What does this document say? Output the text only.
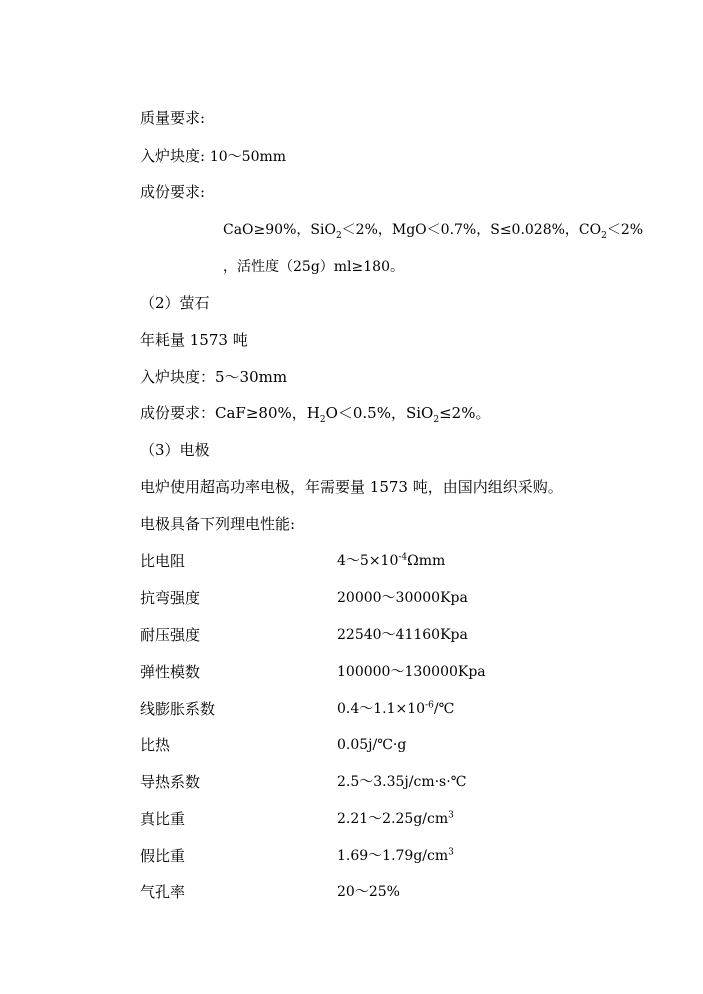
质量要求:
入炉块度: 10～50mm
成份要求:
CaO≥90%，SiO$_2$＜2%，MgO＜0.7%，S≤0.028%，$CO_2<2\%$
，活性度（25g）ml≥180。
（2）萤石
年耗量 1573 吨
入炉块度：5～30mm
成份要求：CaF≥80%，$H_2O<0.5\%$，SiO$_2$≤2%。
（3）电极
电炉使用超高功率电极，年需要量 1573 吨，由国内组织采购。
电极具备下列理电性能:
比电阻	$4\sim 5\times 10^{-4}\Omega mm$
抗弯强度	20000～30000Kpa
耐压强度	22540～41160Kpa
弹性模数	100000～130000Kpa
线膨胀系数	$0.4\sim 1.1\times 10^{-6}/℃$
比热	0.05j/℃·g
导热系数	2.5～3.35j/cm·s·℃
真比重	$2.21\sim 2.25g/cm^3$
假比重	$1.69\sim 1.79g/cm^3$
气孔率	20～25%
